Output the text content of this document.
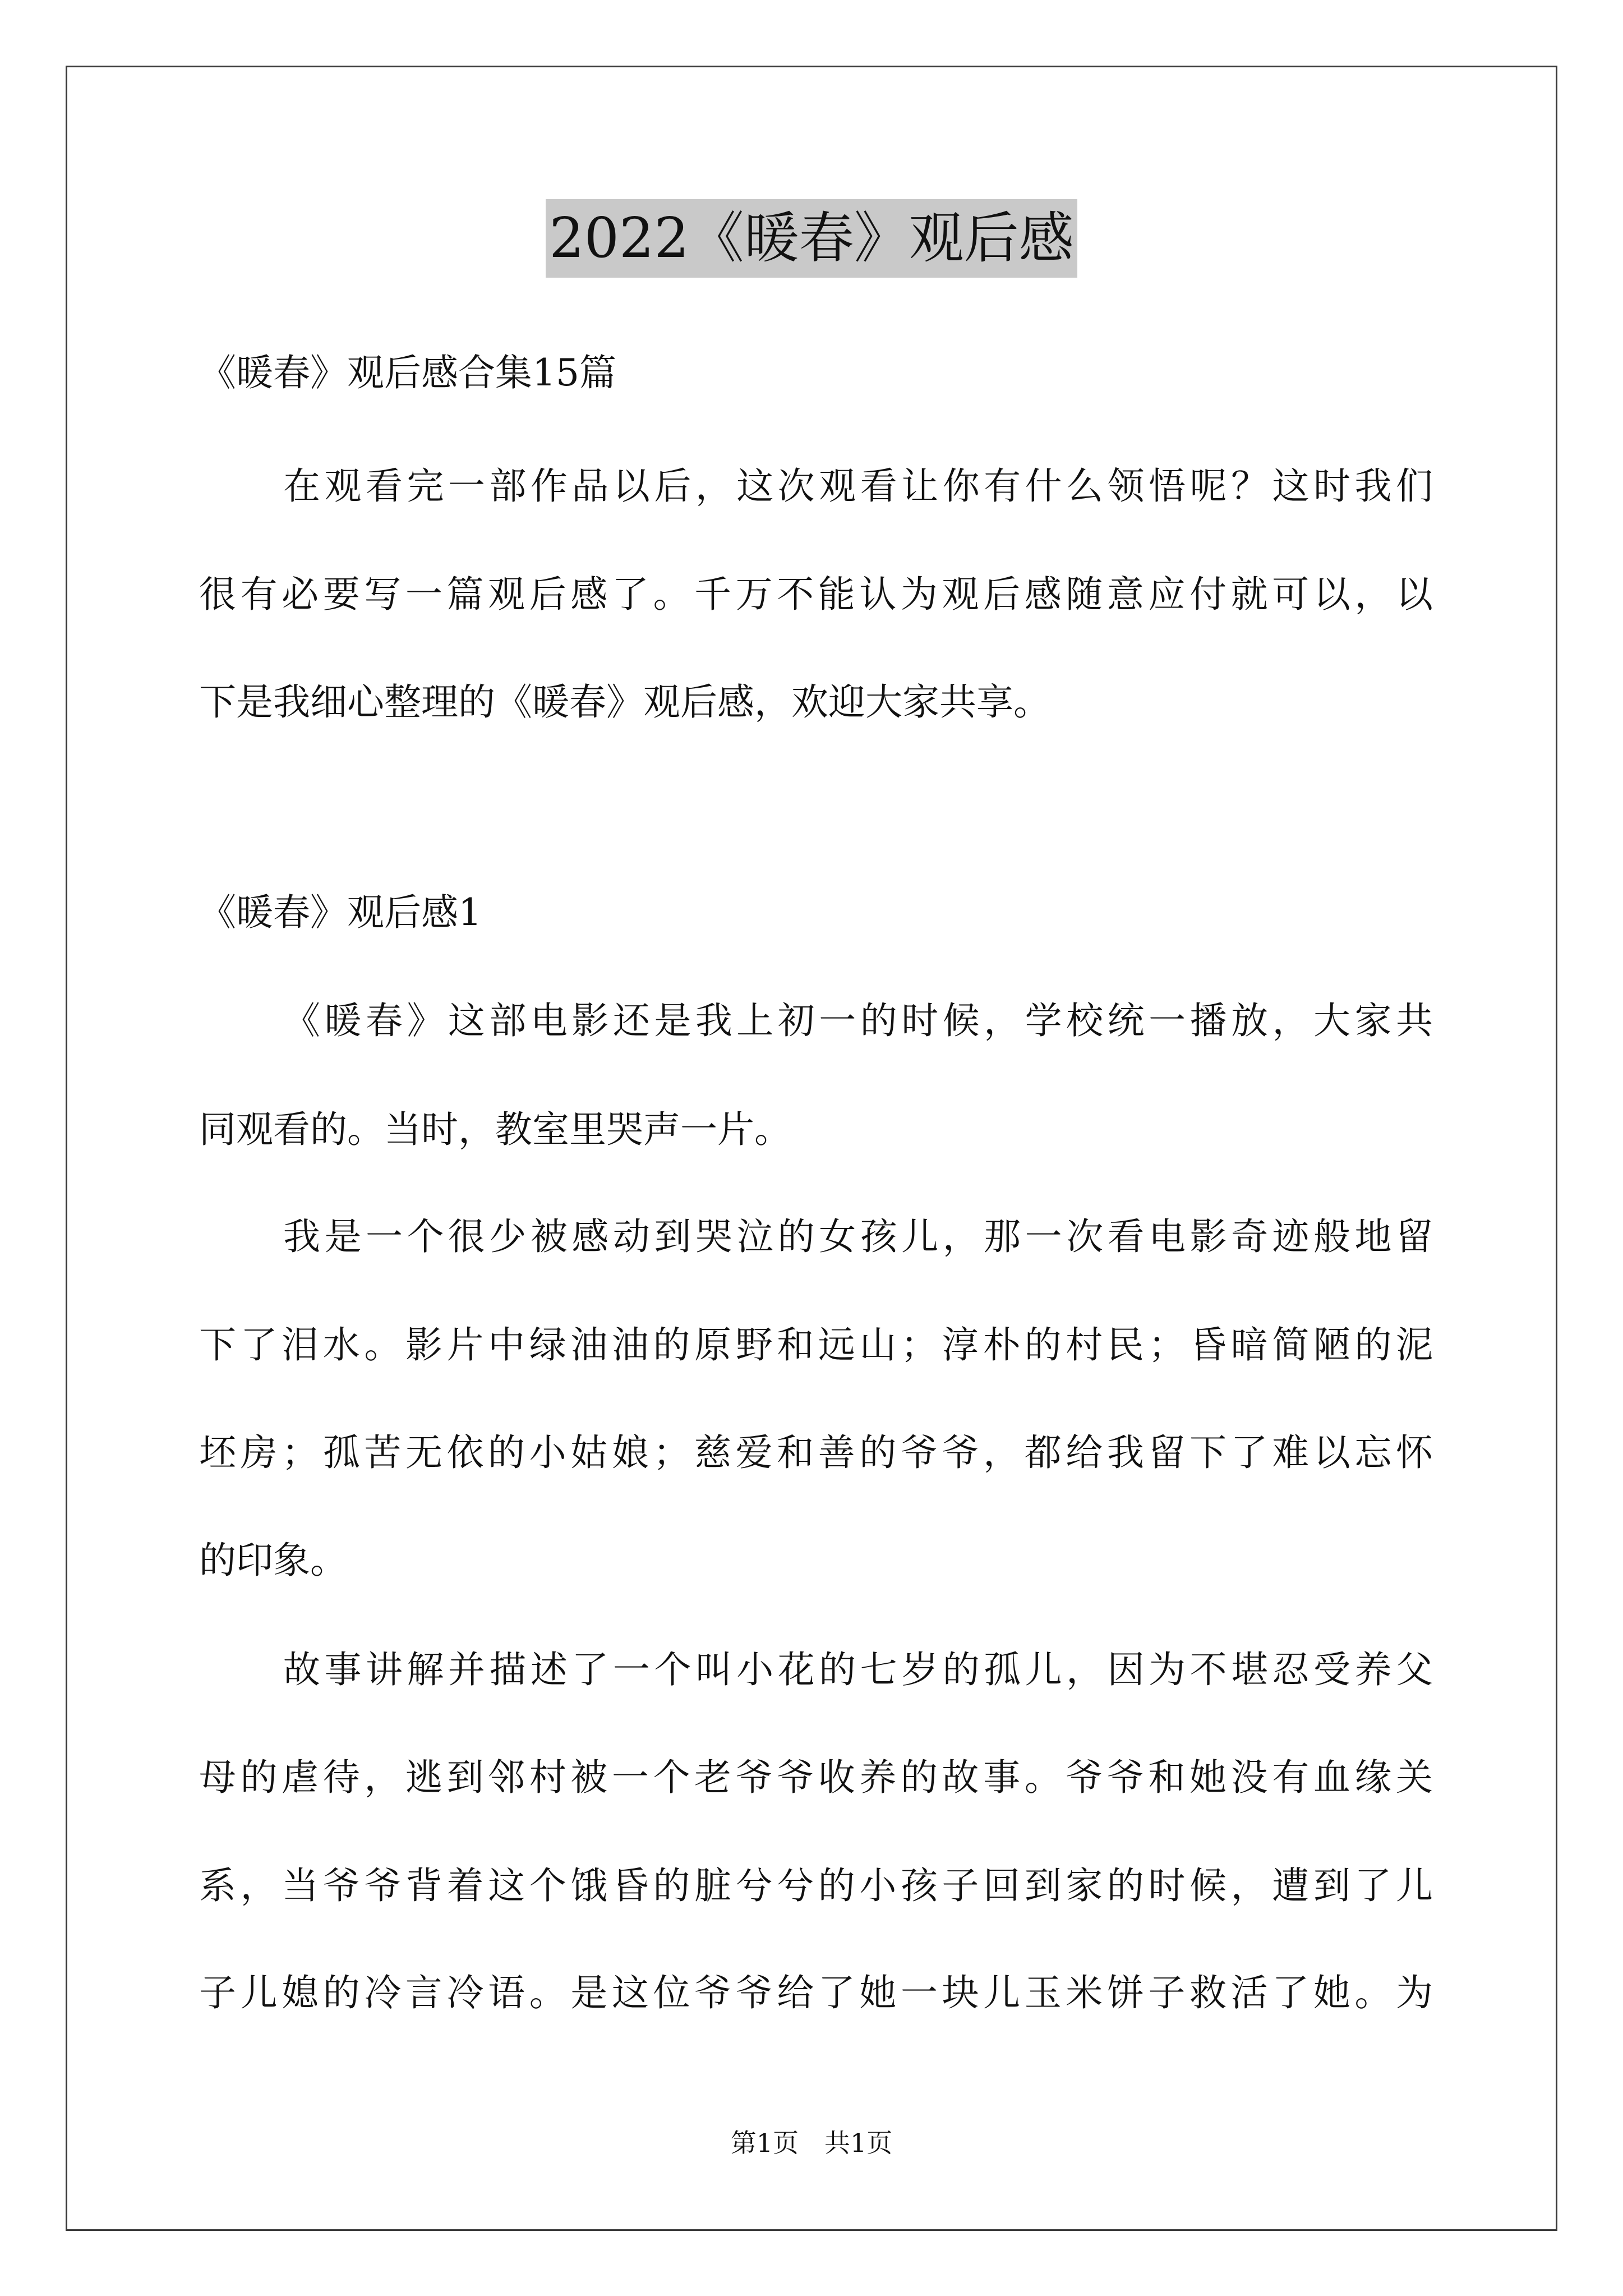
2022《暖春》观后感
《暖春》观后感合集15篇
在观看完一部作品以后，这次观看让你有什么领悟呢？这时我们
很有必要写一篇观后感了。千万不能认为观后感随意应付就可以，以
下是我细心整理的《暖春》观后感，欢迎大家共享。
《暖春》观后感1
《暖春》这部电影还是我上初一的时候，学校统一播放，大家共
同观看的。当时，教室里哭声一片。
我是一个很少被感动到哭泣的女孩儿，那一次看电影奇迹般地留
下了泪水。影片中绿油油的原野和远山；淳朴的村民；昏暗简陋的泥
坯房；孤苦无依的小姑娘；慈爱和善的爷爷，都给我留下了难以忘怀
的印象。
故事讲解并描述了一个叫小花的七岁的孤儿，因为不堪忍受养父
母的虐待，逃到邻村被一个老爷爷收养的故事。爷爷和她没有血缘关
系，当爷爷背着这个饿昏的脏兮兮的小孩子回到家的时候，遭到了儿
子儿媳的冷言冷语。是这位爷爷给了她一块儿玉米饼子救活了她。为
第1页　共1页
